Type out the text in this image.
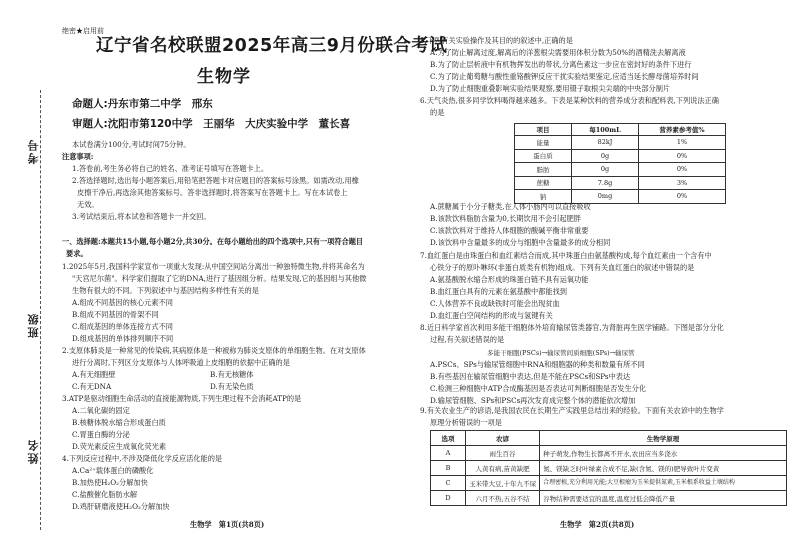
考号
班级
姓名
绝密★启用前
辽宁省名校联盟2025年高三9月份联合考试
生物学
命题人:丹东市第二中学　邢东
审题人:沈阳市第120中学　王丽华　大庆实验中学　董长喜
本试卷满分100分,考试时间75分钟。
注意事项:
1.答卷前,考生务必将自己的姓名、准考证号填写在答题卡上。
2.答选择题时,选出每小题答案后,用铅笔把答题卡对应题目的答案标号涂黑。如需改动,用橡
皮擦干净后,再选涂其他答案标号。答非选择题时,将答案写在答题卡上。写在本试卷上
无效。
3.考试结束后,将本试卷和答题卡一并交回。
一、选择题:本题共15小题,每小题2分,共30分。在每小题给出的四个选项中,只有一项符合题目
要求。
1.2025年5月,我国科学家宣布一项重大发现:从中国空间站分离出一种独特微生物,并将其命名为
"天宫尼尔菌"。科学家们提取了它的DNA,进行了基因组分析。结果发现,它的基因组与其他微
生物有很大的不同。下列叙述中与基因结构多样性有关的是
A.组成不同基因的核心元素不同
B.组成不同基因的骨架不同
C.组成基因的单体连接方式不同
D.组成基因的单体排列顺序不同
2.支原体肺炎是一种常见的传染病,其病原体是一种被称为肺炎支原体的单细胞生物。在对支原体
进行分离时,下列区分支原体与人体呼吸道上皮细胞的依据中正确的是
A.有无细胞壁	B.有无核糖体
C.有无DNA	D.有无染色质
3.ATP是驱动细胞生命活动的直接能源物质,下列生理过程不会消耗ATP的是
A.二氧化碳的固定
B.核糖体脱水缩合形成蛋白质
C.胃蛋白酶的分泌
D.荧光素反应生成氧化荧光素
4.下列反应过程中,不涉及降低化学反应活化能的是
A.Ca²⁺载体蛋白的磷酸化
B.加热使H₂O₂分解加快
C.盐酸催化脂肪水解
D.鸡肝研磨液使H₂O₂分解加快
生物学　第1页(共8页)
5.下列有关实验操作及其目的的叙述中,正确的是
A.为了防止解离过度,解离后的洋葱根尖需要用体积分数为50%的酒精洗去解离液
B.为了防止层析液中有机物挥发出的带状,分离色素这一步应在密封好的条件下进行
C.为了防止葡萄糖与酸性重铬酸钾反应干扰实验结果鉴定,应适当延长酵母菌培养时间
D.为了防止细胞重叠影响实验结果观察,要用镊子取根尖尖端的中央部分制片
6.天气炎热,很多同学饮料喝得越来越多。下表是某种饮料的营养成分表和配料表,下列说法正确
的是
项目	每100mL	营养素参考值%
能量	82kJ	1%
蛋白质	0g	0%
脂肪	0g	0%
蔗糖	7.8g	3%
钠	0mg	0%
A.蔗糖属于小分子糖类,在人体小肠内可以直接吸收
B.该款饮料脂肪含量为0,长期饮用不会引起肥胖
C.该款饮料对于维持人体细胞的酸碱平衡非常重要
D.该饮料中含量最多的成分与细胞中含量最多的成分相同
7.血红蛋白是由珠蛋白和血红素结合而成,其中珠蛋白由氨基酸构成,每个血红素由一个含有中
心铁分子的原卟啉环(非蛋白质类有机物)组成。下列有关血红蛋白的叙述中错误的是
A.氨基酸脱水缩合形成的珠蛋白链不具有运氧功能
B.血红蛋白具有的元素在氨基酸中都能找到
C.人体营养不良或缺铁时可能会出现贫血
D.血红蛋白空间结构的形成与氢键有关
8.近日科学家首次利用多能干细胞体外培育输尿管类器官,为肾脏再生医学铺路。下图是部分分化
过程,有关叙述错误的是
多能干细胞(PSCs)→输尿管间质细胞(SPs)→输尿管
A.PSCs、SPs与输尿管细胞中RNA和细胞器的种类和数量有所不同
B.有些基因在输尿管细胞中表达,但是不能在PSCs和SPs中表达
C.检测三种细胞中ATP合成酶基因是否表达可判断细胞是否发生分化
D.输尿管细胞、SPs和PSCs再次发育成完整个体的潜能依次增加
9.有关农业生产的谚语,是我国农民在长期生产实践里总结出来的经验。下面有关农谚中的生物学
原理分析错误的一项是
选项	农谚	生物学原理
A	雨生百谷	种子萌发,作物生长都离不开水,农田应当多浇水
B	人黄有病,苗黄缺肥	氮、镁缺乏时叶绿素合成不足,缺(含氮、镁的)肥导致叶片变黄
C	玉米带大豆,十年九不屎	合理密植,充分利用光能;大豆根瘤为玉米提供氮素,玉米根系收益土壤结构
D	六月不热,五谷不结	谷物结种需要适宜的温度,温度过低会降低产量
生物学　第2页(共8页)
